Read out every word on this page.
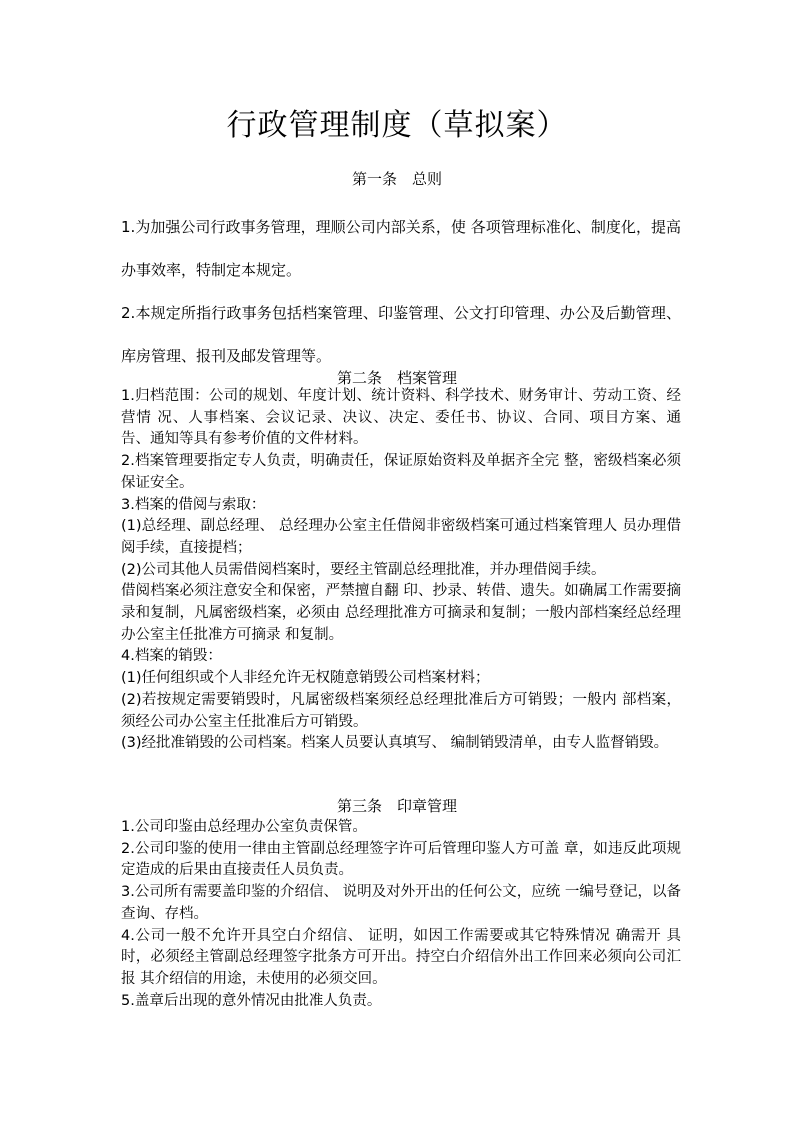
行政管理制度（草拟案）
第一条　总则

1.为加强公司行政事务管理，理顺公司内部关系，使 各项管理标准化、制度化，提高办事效率，特制定本规定。

2.本规定所指行政事务包括档案管理、印鉴管理、公文打印管理、办公及后勤管理、库房管理、报刊及邮发管理等。

第二条　档案管理

1.归档范围：公司的规划、年度计划、统计资料、科学技术、财务审计、劳动工资、经营情 况、人事档案、会议记录、决议、决定、委任书、协议、合同、项目方案、通 告、通知等具有参考价值的文件材料。

2.档案管理要指定专人负责，明确责任，保证原始资料及单据齐全完 整，密级档案必须保证安全。

3.档案的借阅与索取：

(1)总经理、副总经理、 总经理办公室主任借阅非密级档案可通过档案管理人 员办理借阅手续，直接提档；

(2)公司其他人员需借阅档案时，要经主管副总经理批准，并办理借阅手续。

借阅档案必须注意安全和保密，严禁擅自翻 印、抄录、转借、遗失。如确属工作需要摘录和复制，凡属密级档案，必须由 总经理批准方可摘录和复制；一般内部档案经总经理办公室主任批准方可摘录 和复制。

4.档案的销毁：

(1)任何组织或个人非经允许无权随意销毁公司档案材料；

(2)若按规定需要销毁时，凡属密级档案须经总经理批准后方可销毁；一般内 部档案，须经公司办公室主任批准后方可销毁。

(3)经批准销毁的公司档案。档案人员要认真填写、 编制销毁清单，由专人监督销毁。

第三条　印章管理

1.公司印鉴由总经理办公室负责保管。

2.公司印鉴的使用一律由主管副总经理签字许可后管理印鉴人方可盖 章，如违反此项规定造成的后果由直接责任人员负责。

3.公司所有需要盖印鉴的介绍信、 说明及对外开出的任何公文，应统 一编号登记，以备查询、存档。

4.公司一般不允许开具空白介绍信、 证明，如因工作需要或其它特殊情况 确需开 具时，必须经主管副总经理签字批条方可开出。持空白介绍信外出工作回来必须向公司汇报 其介绍信的用途，未使用的必须交回。

5.盖章后出现的意外情况由批准人负责。
